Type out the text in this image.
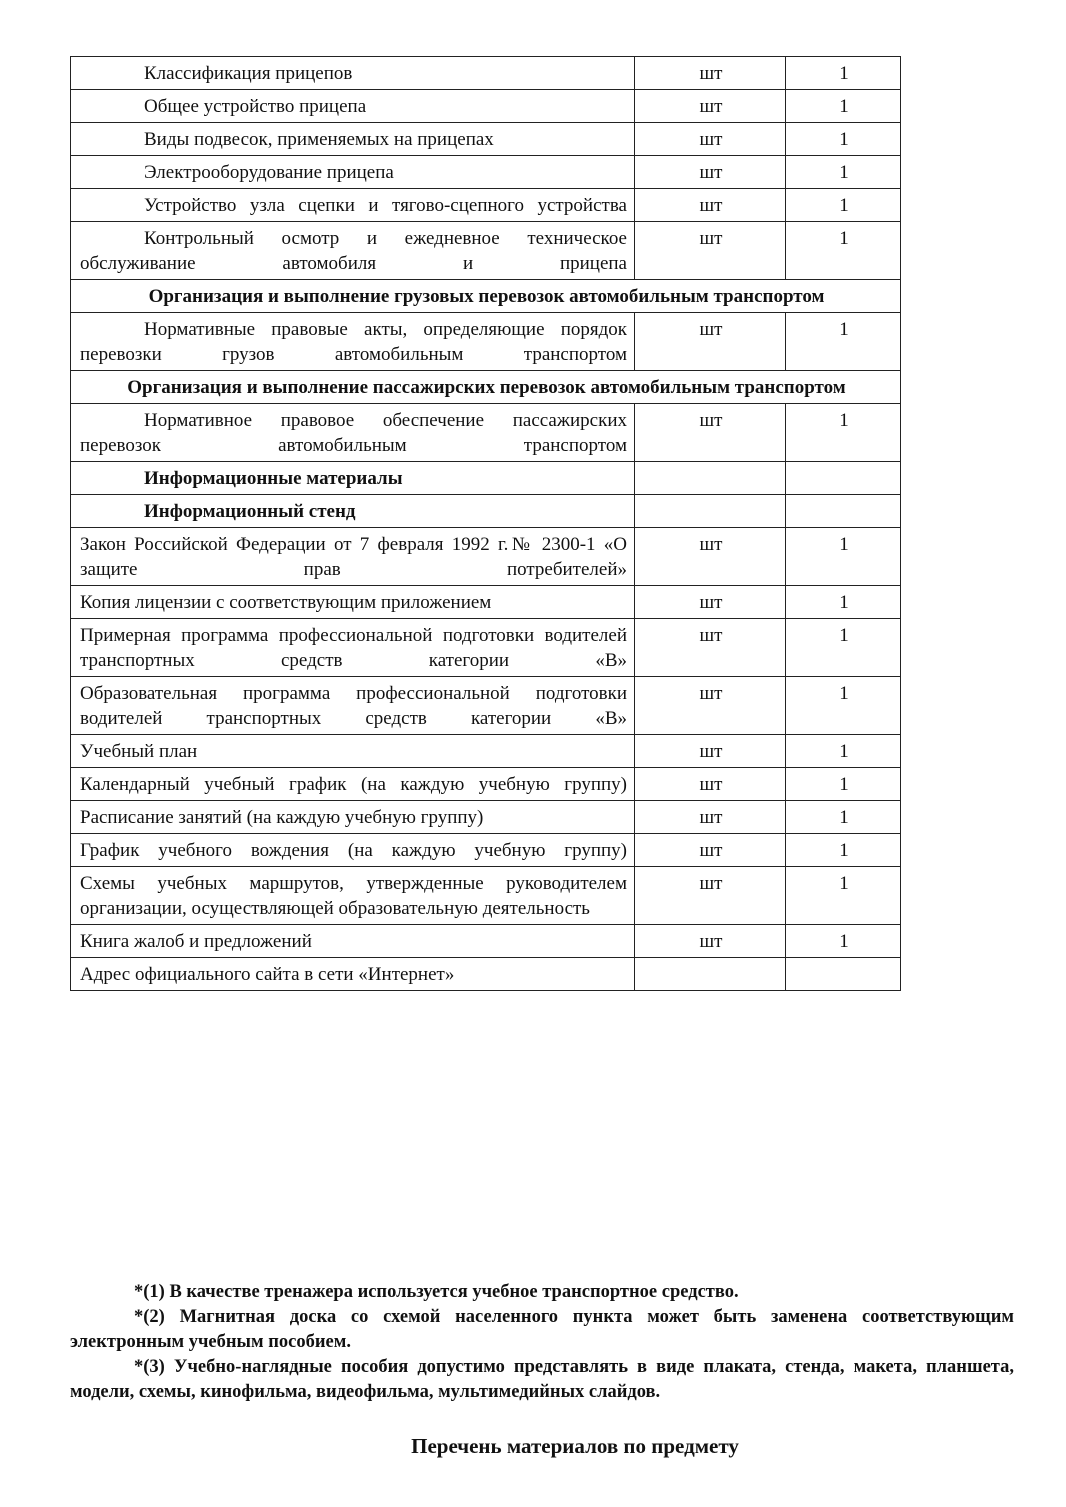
Классификация прицепов	шт	1
Общее устройство прицепа	шт	1
Виды подвесок, применяемых на прицепах	шт	1
Электрооборудование прицепа	шт	1
Устройство узла сцепки и тягово-сцепного устройства	шт	1
Контрольный осмотр и ежедневное техническое обслуживание автомобиля и прицепа	шт	1
Организация и выполнение грузовых перевозок автомобильным транспортом		
Нормативные правовые акты, определяющие порядок перевозки грузов автомобильным транспортом	шт	1
Организация и выполнение пассажирских перевозок автомобильным транспортом		
Нормативное правовое обеспечение пассажирских перевозок автомобильным транспортом	шт	1
Информационные материалы		
Информационный стенд		
Закон Российской Федерации от 7 февраля 1992 г.№ 2300-1 «О защите прав потребителей»	шт	1
Копия лицензии с соответствующим приложением	шт	1
Примерная программа профессиональной подготовки водителей транспортных средств категории «В»	шт	1
Образовательная программа профессиональной подготовки водителей транспортных средств категории «В»	шт	1
Учебный план	шт	1
Календарный учебный график (на каждую учебную группу)	шт	1
Расписание занятий (на каждую учебную группу)	шт	1
График учебного вождения (на каждую учебную группу)	шт	1
Схемы учебных маршрутов, утвержденные руководителем организации, осуществляющей образовательную деятельность	шт	1
Книга жалоб и предложений	шт	1
Адрес официального сайта в сети «Интернет»		

*(1) В качестве тренажера используется учебное транспортное средство.

*(2) Магнитная доска со схемой населенного пункта может быть заменена соответствующим электронным учебным пособием.

*(3) Учебно-наглядные пособия допустимо представлять в виде плаката, стенда, макета, планшета, модели, схемы, кинофильма, видеофильма, мультимедийных слайдов.

Перечень материалов по предмету
